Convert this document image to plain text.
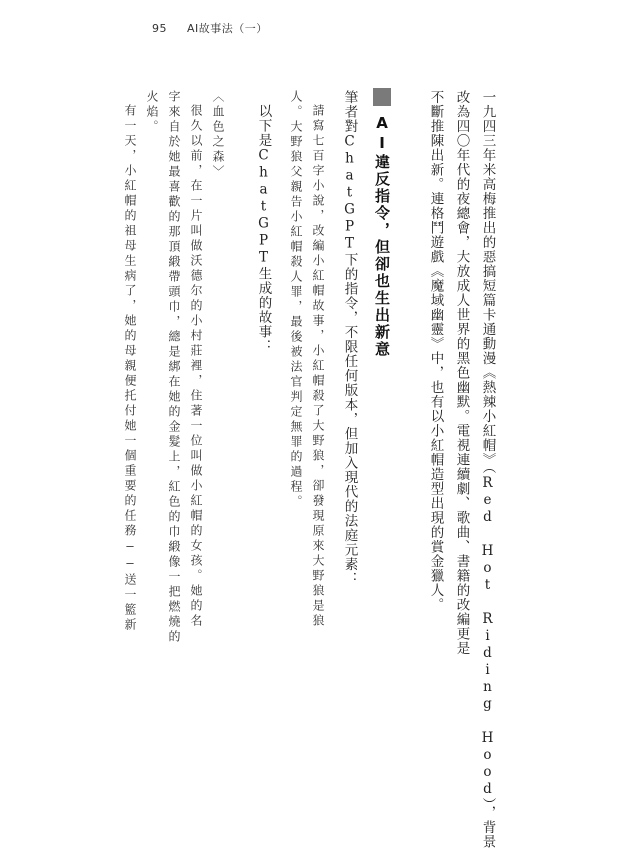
95 AI故事法（一）
一九四三年米高梅推出的惡搞短篇卡通動漫《熱辣小紅帽》（Red Hot Riding Hood），背景
改為四〇年代的夜總會，大放成人世界的黑色幽默。電視連續劇、歌曲、書籍的改編更是
不斷推陳出新。連格鬥遊戲《魔域幽靈》中，也有以小紅帽造型出現的賞金獵人。
AI違反指令，但卻也生出新意
筆者對ChatGPT下的指令，不限任何版本，但加入現代的法庭元素：
請寫七百字小說，改編小紅帽故事，小紅帽殺了大野狼，卻發現原來大野狼是狼
人。大野狼父親告小紅帽殺人罪，最後被法官判定無罪的過程。
以下是ChatGPT生成的故事：
〈血色之森〉
很久以前，在一片叫做沃德尔的小村莊裡，住著一位叫做小紅帽的女孩。她的名
字來自於她最喜歡的那頂緞帶頭巾，總是綁在她的金髮上，紅色的巾緞像一把燃燒的
火焰。
有一天，小紅帽的祖母生病了，她的母親便托付她一個重要的任務——送一籃新
